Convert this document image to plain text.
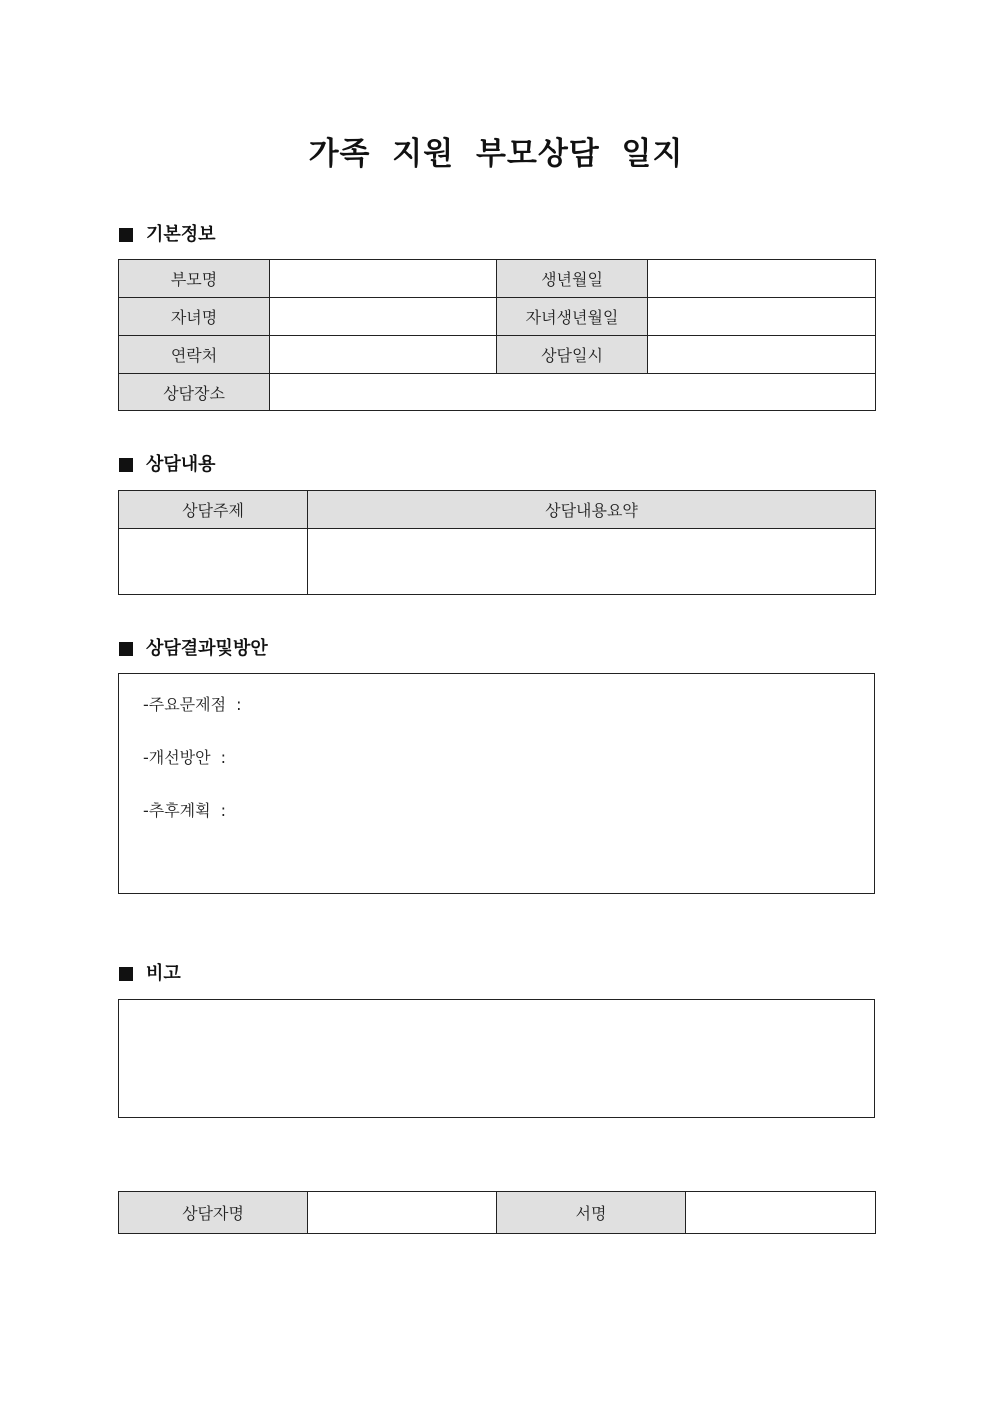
가족 지원 부모상담 일지
기본정보
부모명		생년월일	
자녀명		자녀생년월일	
연락처		상담일시	
상담장소			
상담내용
상담주제	상담내용요약

상담결과및방안
-주요문제점 :
-개선방안 :
-추후계획 :
비고
상담자명		서명	
